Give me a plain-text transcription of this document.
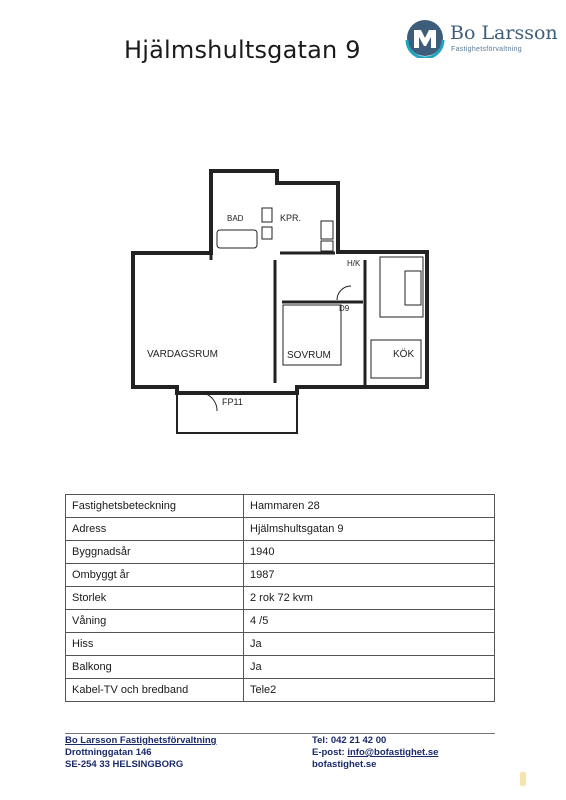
Hjälmshultsgatan 9
Bo Larsson
Fastighetsförvaltning
BAD	KPR.
VARDAGSRUM	SOVRUM	KÖK
FP11
D9
H/K
Fastighetsbeteckning	Hammaren 28
Adress	Hjälmshultsgatan 9
Byggnadsår	1940
Ombyggt år	1987
Storlek	2 rok 72 kvm
Våning	4 /5
Hiss	Ja
Balkong	Ja
Kabel-TV och bredband	Tele2
Bo Larsson Fastighetsförvaltning
Drottninggatan 146
SE-254 33 HELSINGBORG
Tel: 042 21 42 00
E-post: info@bofastighet.se
bofastighet.se
